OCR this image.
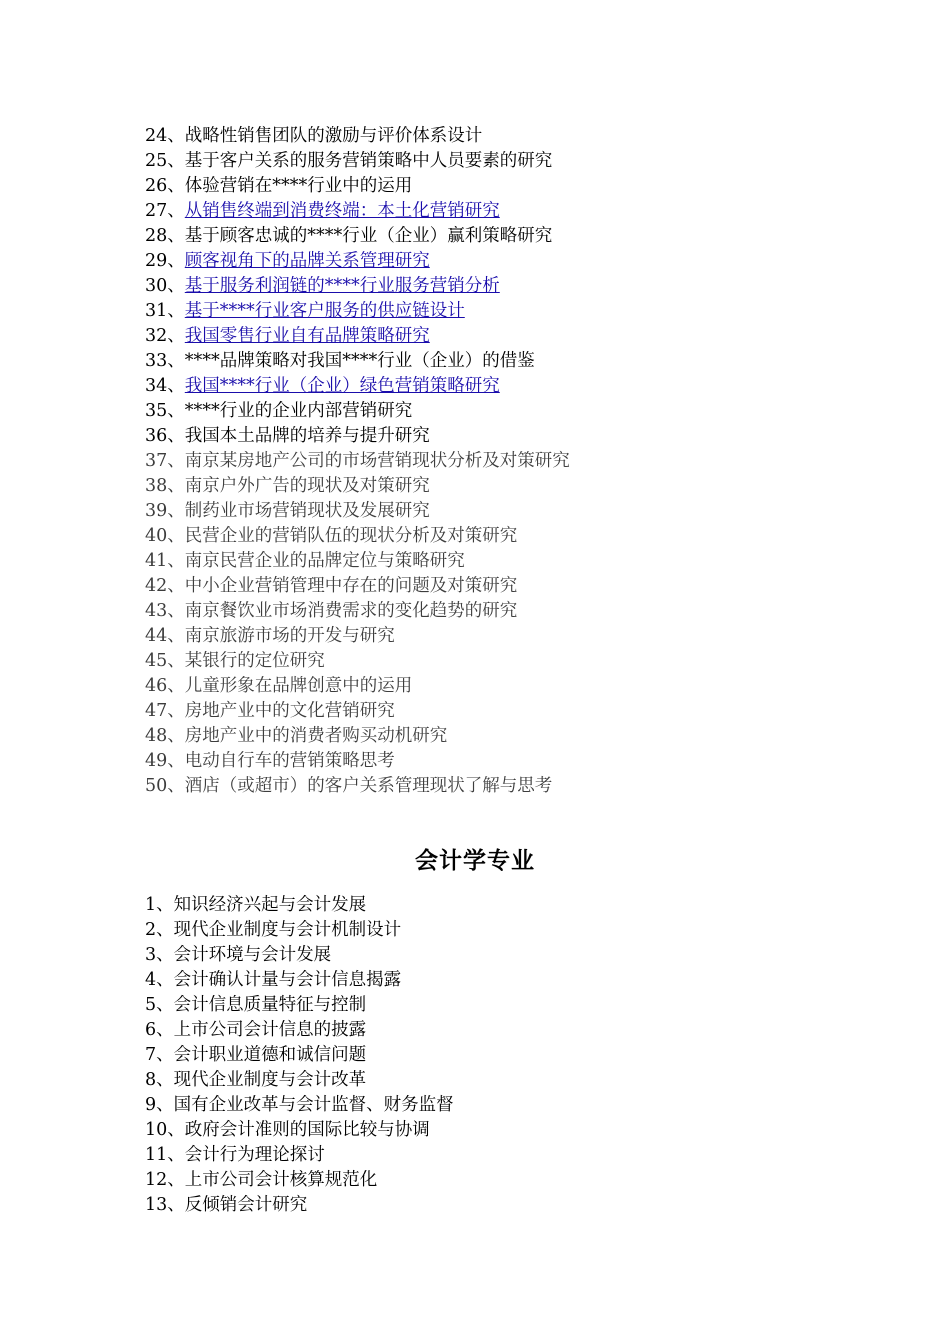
24、战略性销售团队的激励与评价体系设计
25、基于客户关系的服务营销策略中人员要素的研究
26、体验营销在****行业中的运用
27、从销售终端到消费终端：本土化营销研究
28、基于顾客忠诚的****行业（企业）赢利策略研究
29、顾客视角下的品牌关系管理研究
30、基于服务利润链的****行业服务营销分析
31、基于****行业客户服务的供应链设计
32、我国零售行业自有品牌策略研究
33、****品牌策略对我国****行业（企业）的借鉴
34、我国****行业（企业）绿色营销策略研究
35、****行业的企业内部营销研究
36、我国本土品牌的培养与提升研究
37、南京某房地产公司的市场营销现状分析及对策研究
38、南京户外广告的现状及对策研究
39、制药业市场营销现状及发展研究
40、民营企业的营销队伍的现状分析及对策研究
41、南京民营企业的品牌定位与策略研究
42、中小企业营销管理中存在的问题及对策研究
43、南京餐饮业市场消费需求的变化趋势的研究
44、南京旅游市场的开发与研究
45、某银行的定位研究
46、儿童形象在品牌创意中的运用
47、房地产业中的文化营销研究
48、房地产业中的消费者购买动机研究
49、电动自行车的营销策略思考
50、酒店（或超市）的客户关系管理现状了解与思考
会计学专业
1、知识经济兴起与会计发展
2、现代企业制度与会计机制设计
3、会计环境与会计发展
4、会计确认计量与会计信息揭露
5、会计信息质量特征与控制
6、上市公司会计信息的披露
7、会计职业道德和诚信问题
8、现代企业制度与会计改革
9、国有企业改革与会计监督、财务监督
10、政府会计准则的国际比较与协调
11、会计行为理论探讨
12、上市公司会计核算规范化
13、反倾销会计研究
